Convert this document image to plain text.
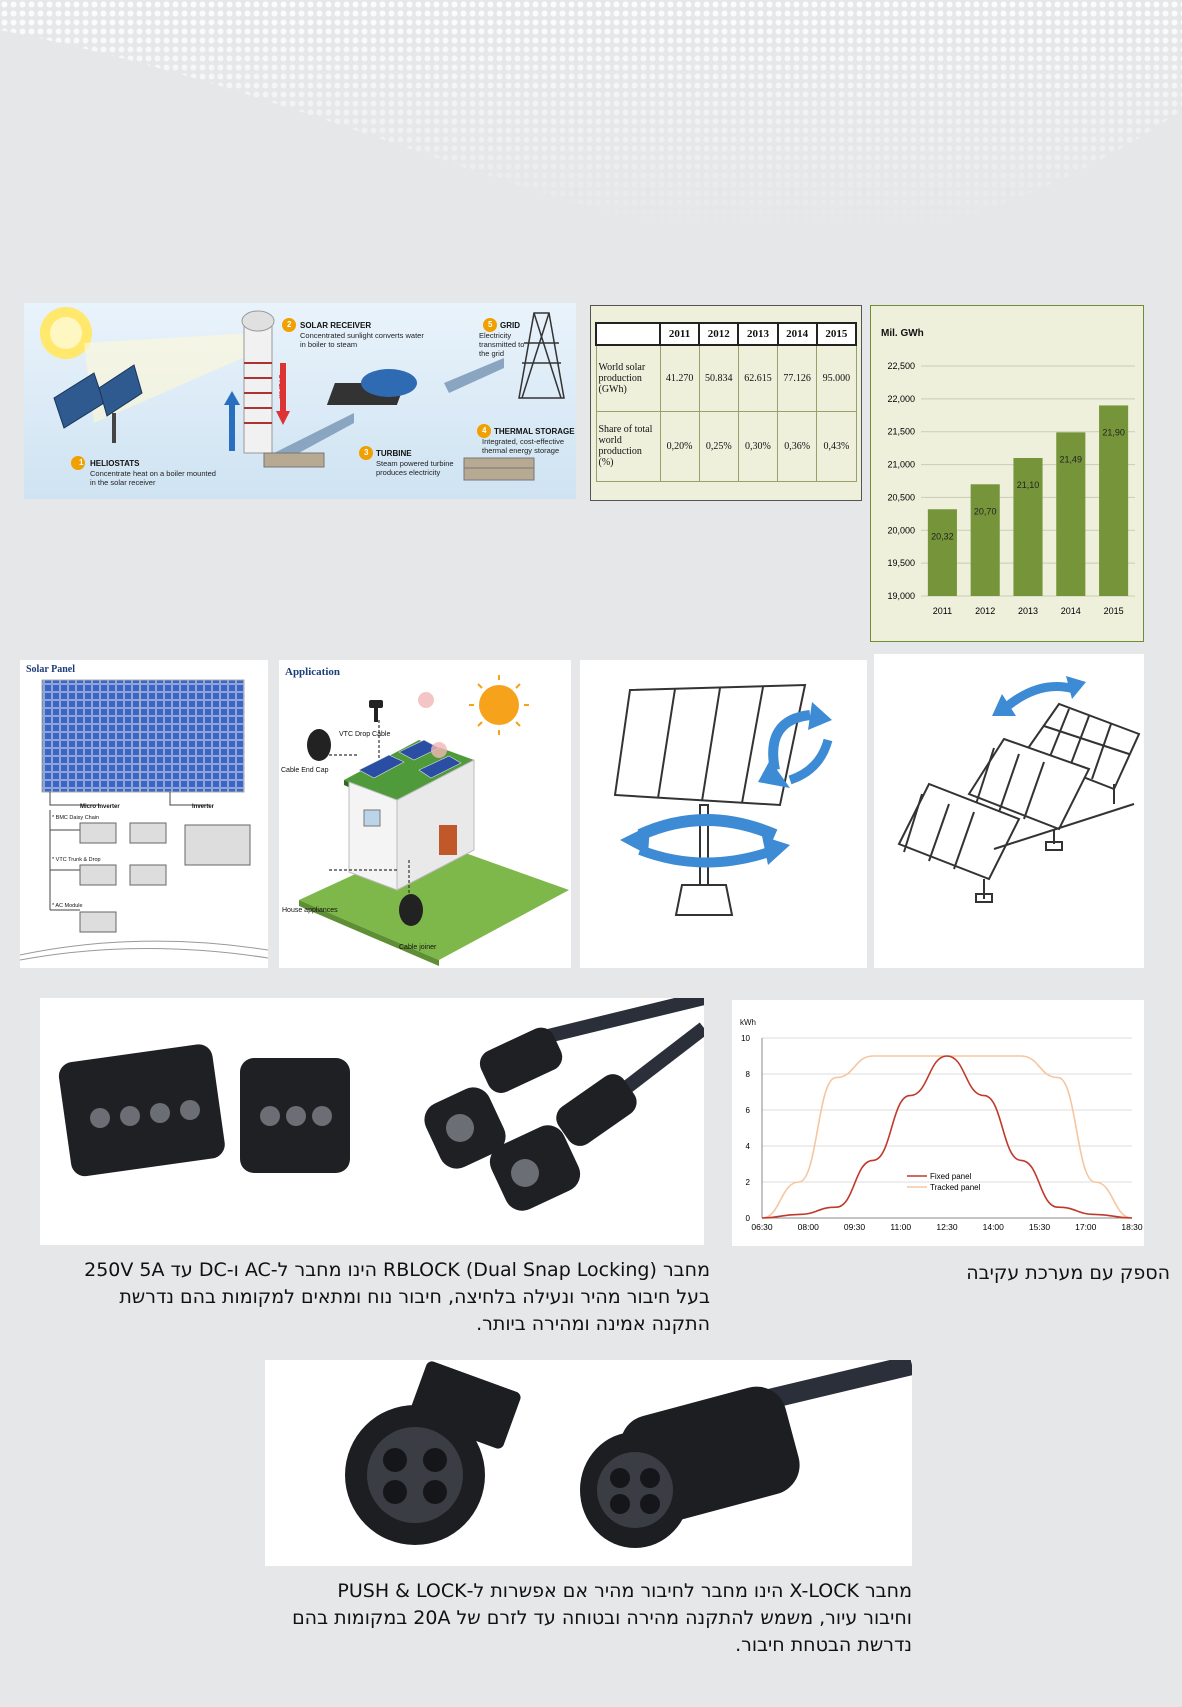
1 HELIOSTATS
Concentrate heat on a boiler mounted in the solar receiver
2 SOLAR RECEIVER
Concentrated sunlight converts water in boiler to steam
3 TURBINE
Steam powered turbine produces electricity
4 THERMAL STORAGE
Integrated, cost-effective thermal energy storage
5 GRID
Electricity transmitted to the grid
WATER
STEAM
	2011	2012	2013	2014	2015
World solar production (GWh)	41.270	50.834	62.615	77.126	95.000
Share of total world production (%)	0,20%	0,25%	0,30%	0,36%	0,43%
Mil. GWh
19,000
19,500
20,000
20,500
21,000
21,500
22,000
22,500
20,32
2011
20,70
2012
21,10
2013
21,49
2014
21,90
2015
Solar Panel
Micro Inverter	Inverter
* BMC Daisy Chain
* VTC Trunk & Drop
* AC Module
Application
VTC Drop Cable
Cable End Cap
House appliances
Cable joiner
kWh
0
2
4
6
8
10
06:30	08:00	09:30	11:00	12:30	14:00	15:30	17:00	18:30
Fixed panel
Tracked panel
מחבר RBLOCK (Dual Snap Locking) הינו מחבר ל-AC ו-DC עד 250V 5A בעל חיבור מהיר ונעילה בלחיצה, חיבור נוח ומתאים למקומות בהם נדרשת התקנה אמינה ומהירה ביותר.
הספק עם מערכת עקיבה
מחבר X-LOCK הינו מחבר לחיבור מהיר אם אפשרות ל-PUSH & LOCK וחיבור עיור, משמש להתקנה מהירה ובטוחה עד לזרם של 20A במקומות בהם נדרשת הבטחת חיבור.
